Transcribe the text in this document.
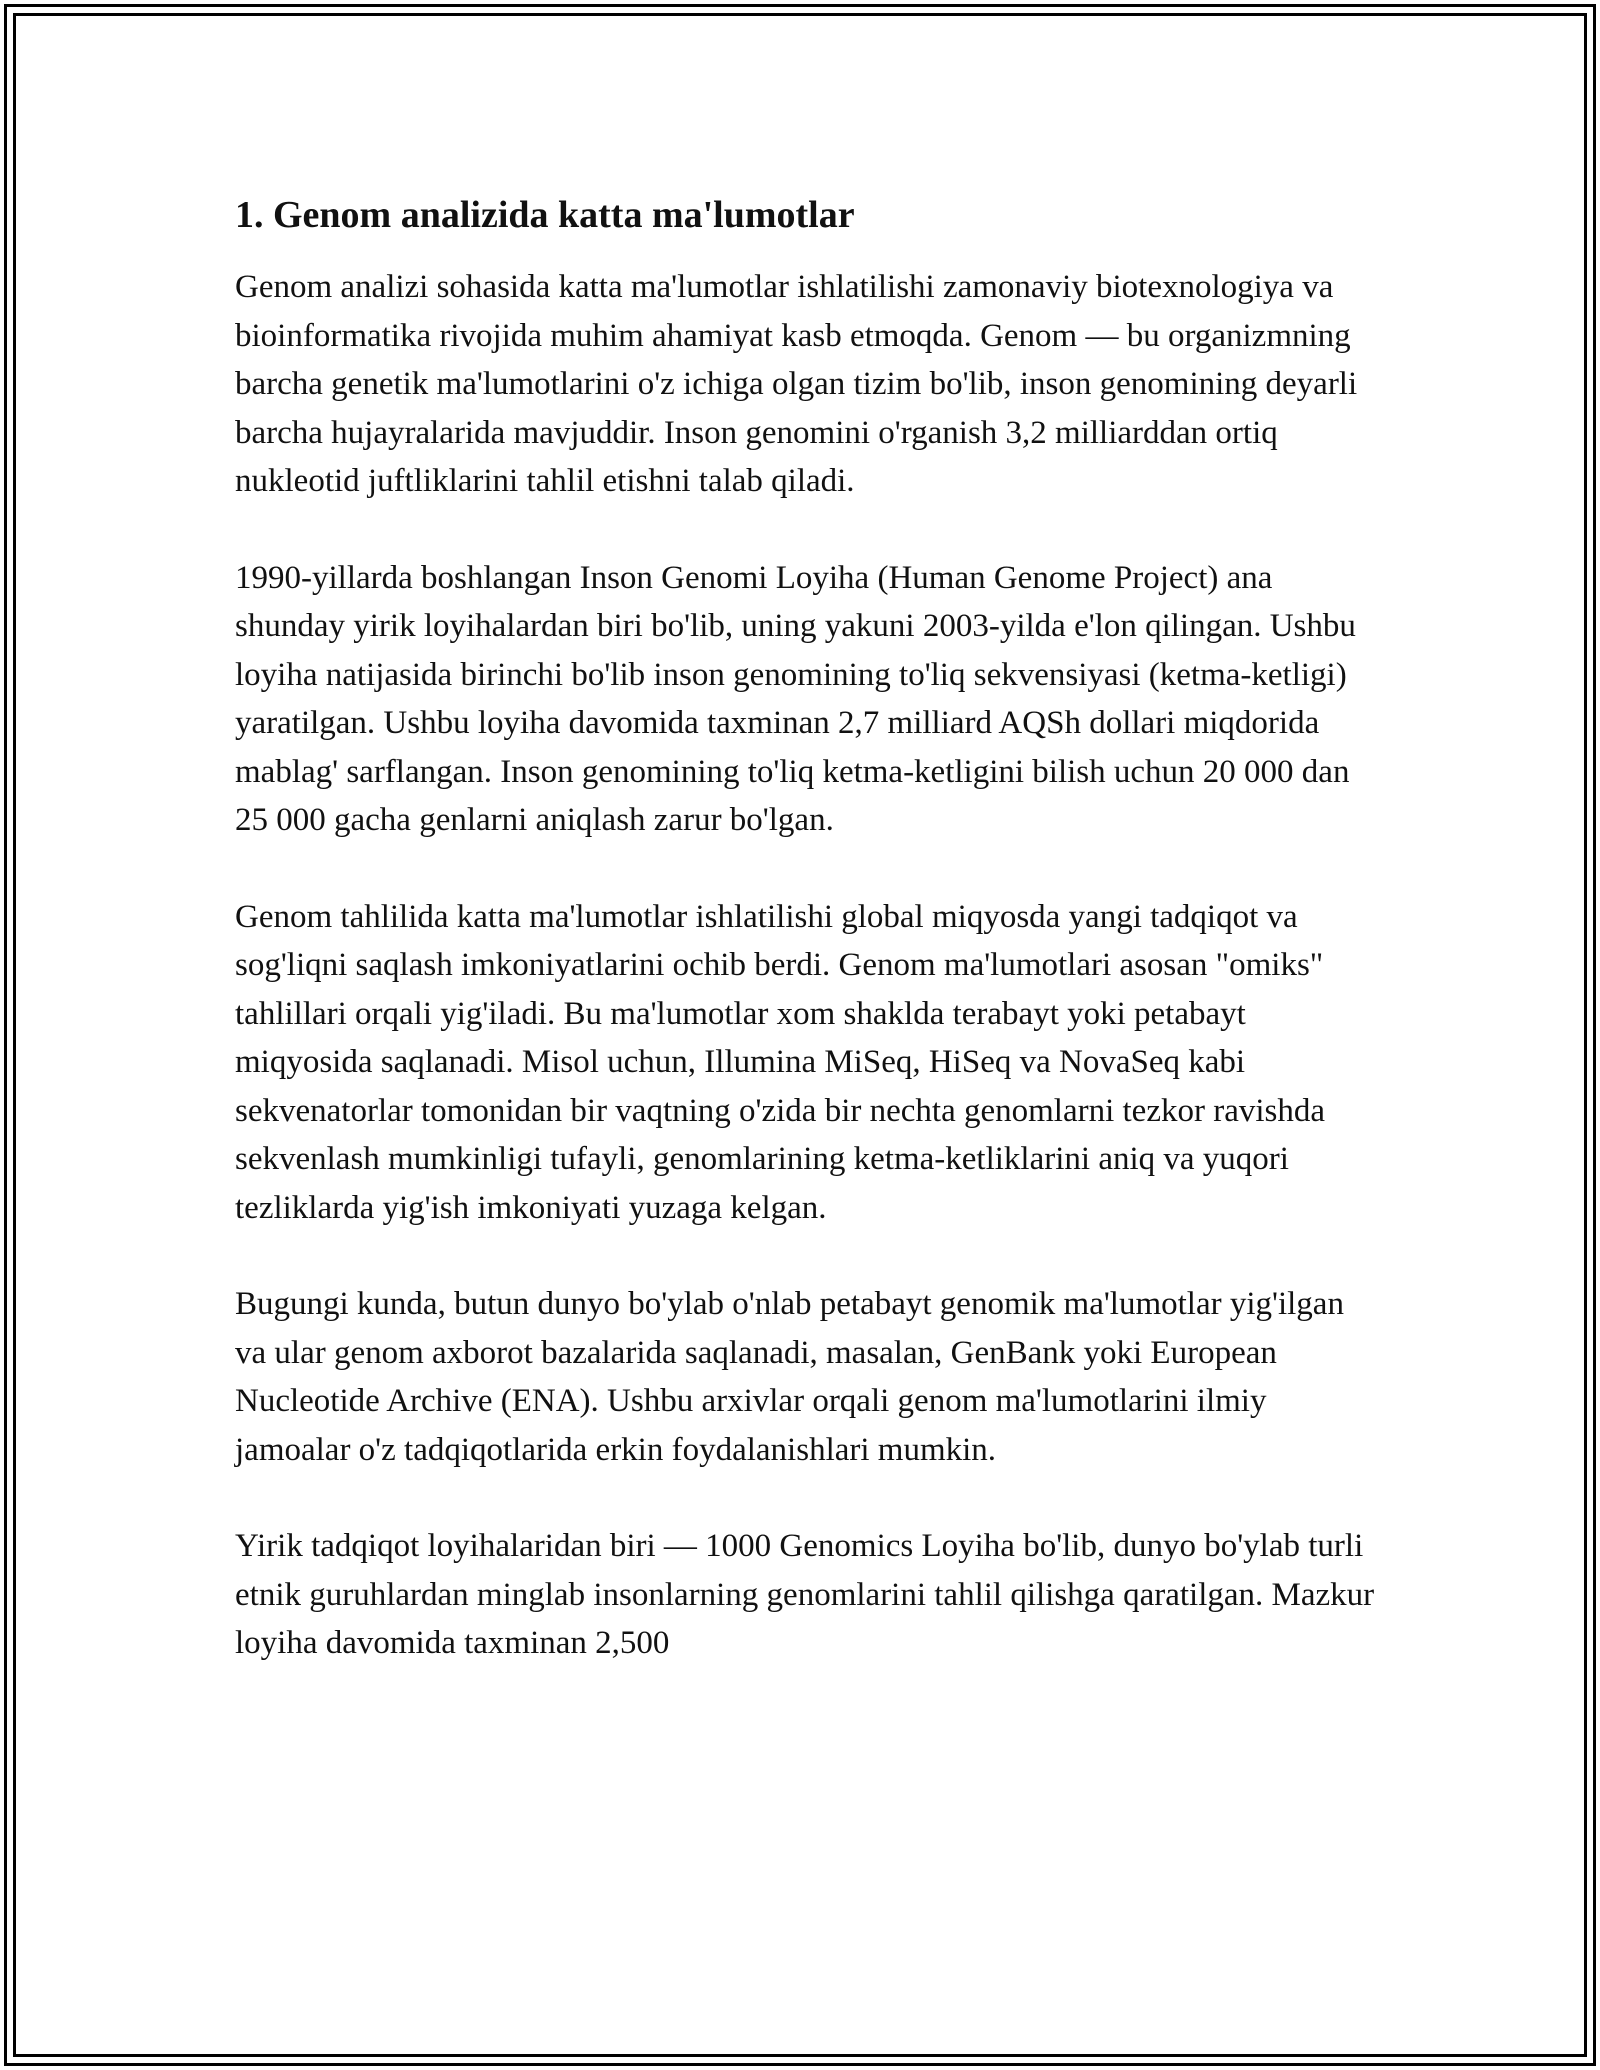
1. Genom analizida katta ma'lumotlar

Genom analizi sohasida katta ma'lumotlar ishlatilishi zamonaviy biotexnologiya va bioinformatika rivojida muhim ahamiyat kasb etmoqda. Genom — bu organizmning barcha genetik ma'lumotlarini o'z ichiga olgan tizim bo'lib, inson genomining deyarli barcha hujayralarida mavjuddir. Inson genomini o'rganish 3,2 milliarddan ortiq nukleotid juftliklarini tahlil etishni talab qiladi.

1990-yillarda boshlangan Inson Genomi Loyiha (Human Genome Project) ana shunday yirik loyihalardan biri bo'lib, uning yakuni 2003-yilda e'lon qilingan. Ushbu loyiha natijasida birinchi bo'lib inson genomining to'liq sekvensiyasi (ketma-ketligi) yaratilgan. Ushbu loyiha davomida taxminan 2,7 milliard AQSh dollari miqdorida mablag' sarflangan. Inson genomining to'liq ketma-ketligini bilish uchun 20 000 dan 25 000 gacha genlarni aniqlash zarur bo'lgan.

Genom tahlilida katta ma'lumotlar ishlatilishi global miqyosda yangi tadqiqot va sog'liqni saqlash imkoniyatlarini ochib berdi. Genom ma'lumotlari asosan "omiks" tahlillari orqali yig'iladi. Bu ma'lumotlar xom shaklda terabayt yoki petabayt miqyosida saqlanadi. Misol uchun, Illumina MiSeq, HiSeq va NovaSeq kabi sekvenatorlar tomonidan bir vaqtning o'zida bir nechta genomlarni tezkor ravishda sekvenlash mumkinligi tufayli, genomlarining ketma-ketliklarini aniq va yuqori tezliklarda yig'ish imkoniyati yuzaga kelgan.

Bugungi kunda, butun dunyo bo'ylab o'nlab petabayt genomik ma'lumotlar yig'ilgan va ular genom axborot bazalarida saqlanadi, masalan, GenBank yoki European Nucleotide Archive (ENA). Ushbu arxivlar orqali genom ma'lumotlarini ilmiy jamoalar o'z tadqiqotlarida erkin foydalanishlari mumkin.

Yirik tadqiqot loyihalaridan biri — 1000 Genomics Loyiha bo'lib, dunyo bo'ylab turli etnik guruhlardan minglab insonlarning genomlarini tahlil qilishga qaratilgan. Mazkur loyiha davomida taxminan 2,500
